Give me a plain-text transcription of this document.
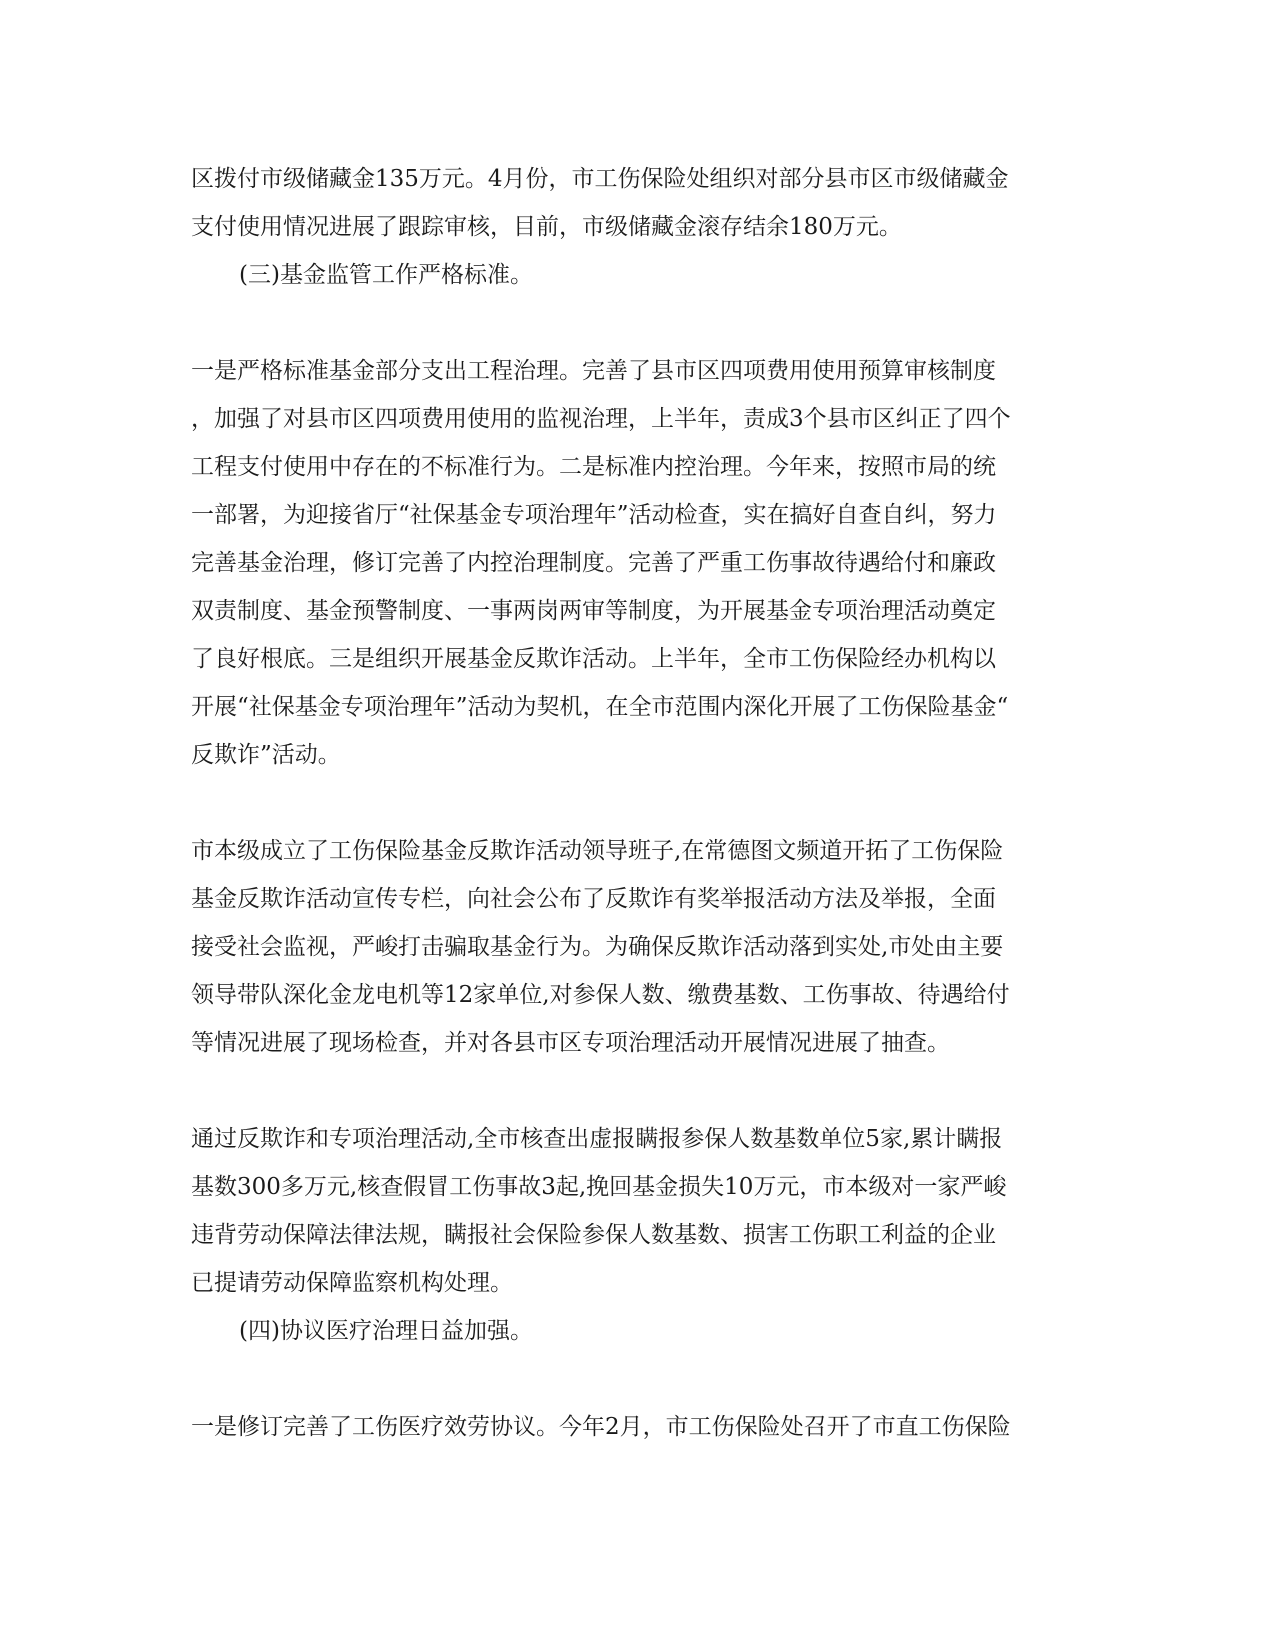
区拨付市级储藏金135万元。4月份，市工伤保险处组织对部分县市区市级储藏金
支付使用情况进展了跟踪审核，目前，市级储藏金滚存结余180万元。
(三)基金监管工作严格标准。
一是严格标准基金部分支出工程治理。完善了县市区四项费用使用预算审核制度
，加强了对县市区四项费用使用的监视治理，上半年，责成3个县市区纠正了四个
工程支付使用中存在的不标准行为。二是标准内控治理。今年来，按照市局的统
一部署，为迎接省厅“社保基金专项治理年”活动检查，实在搞好自查自纠，努力
完善基金治理，修订完善了内控治理制度。完善了严重工伤事故待遇给付和廉政
双责制度、基金预警制度、一事两岗两审等制度，为开展基金专项治理活动奠定
了良好根底。三是组织开展基金反欺诈活动。上半年，全市工伤保险经办机构以
开展“社保基金专项治理年”活动为契机，在全市范围内深化开展了工伤保险基金“
反欺诈”活动。
市本级成立了工伤保险基金反欺诈活动领导班子,在常德图文频道开拓了工伤保险
基金反欺诈活动宣传专栏，向社会公布了反欺诈有奖举报活动方法及举报，全面
接受社会监视，严峻打击骗取基金行为。为确保反欺诈活动落到实处,市处由主要
领导带队深化金龙电机等12家单位,对参保人数、缴费基数、工伤事故、待遇给付
等情况进展了现场检查，并对各县市区专项治理活动开展情况进展了抽查。
通过反欺诈和专项治理活动,全市核查出虚报瞒报参保人数基数单位5家,累计瞒报
基数300多万元,核查假冒工伤事故3起,挽回基金损失10万元，市本级对一家严峻
违背劳动保障法律法规，瞒报社会保险参保人数基数、损害工伤职工利益的企业
已提请劳动保障监察机构处理。
(四)协议医疗治理日益加强。
一是修订完善了工伤医疗效劳协议。今年2月，市工伤保险处召开了市直工伤保险
